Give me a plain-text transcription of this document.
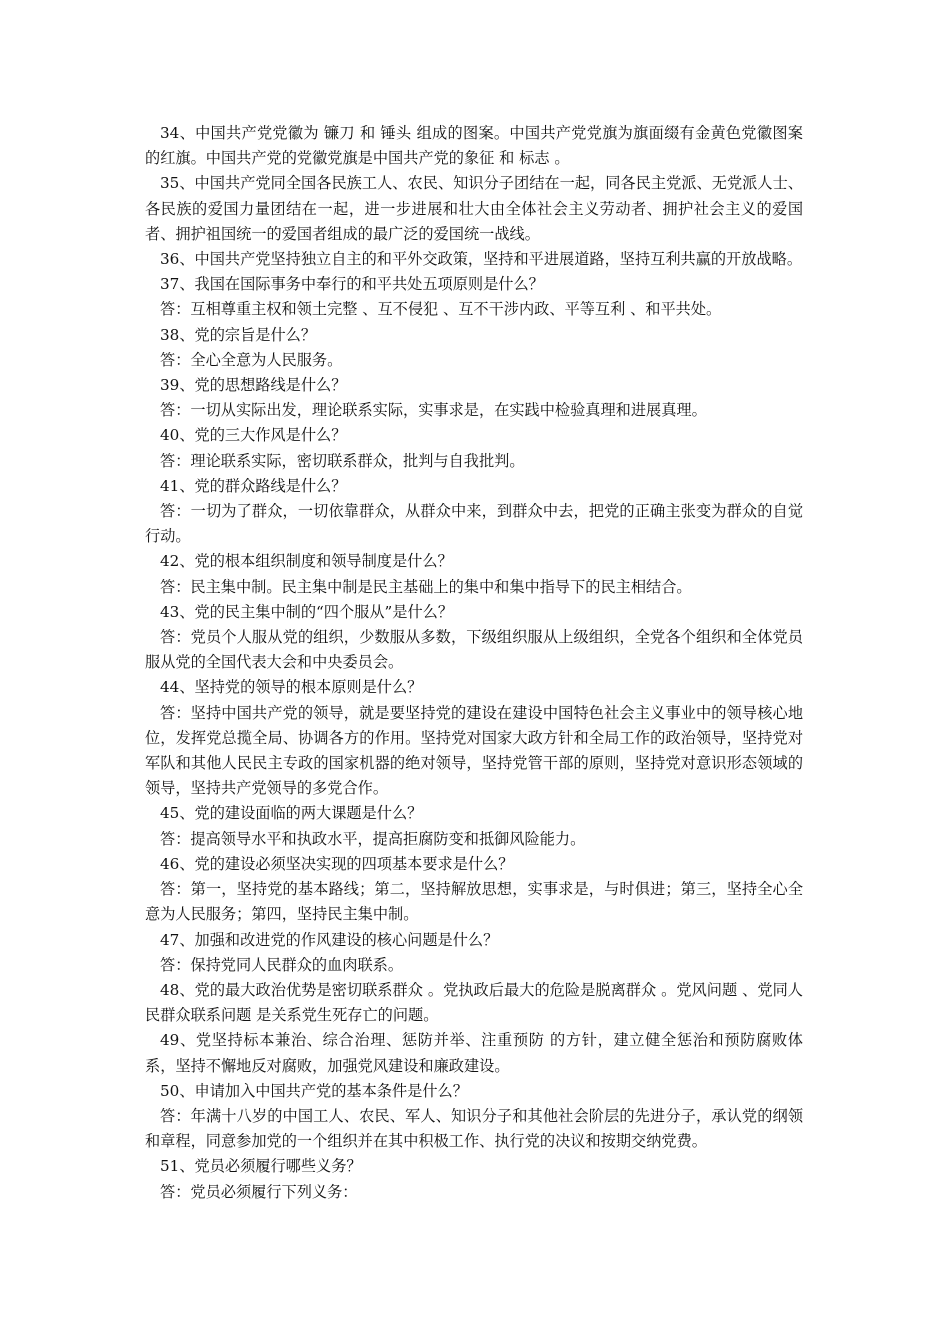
34、中国共产党党徽为 镰刀 和 锤头 组成的图案。中国共产党党旗为旗面缀有金黄色党徽图案 的红旗。中国共产党的党徽党旗是中国共产党的象征 和 标志 。

35、中国共产党同全国各民族工人、农民、知识分子团结在一起，同各民主党派、无党派人士、各民族的爱国力量团结在一起，进一步进展和壮大由全体社会主义劳动者、拥护社会主义的爱国者、拥护祖国统一的爱国者组成的最广泛的爱国统一战线。

36、中国共产党坚持独立自主的和平外交政策，坚持和平进展道路，坚持互利共赢的开放战略。

37、我国在国际事务中奉行的和平共处五项原则是什么？

答：互相尊重主权和领土完整 、互不侵犯 、互不干涉内政、平等互利 、和平共处。

38、党的宗旨是什么？

答：全心全意为人民服务。

39、党的思想路线是什么？

答：一切从实际出发，理论联系实际，实事求是，在实践中检验真理和进展真理。

40、党的三大作风是什么？

答：理论联系实际，密切联系群众，批判与自我批判。

41、党的群众路线是什么？

答：一切为了群众，一切依靠群众，从群众中来，到群众中去，把党的正确主张变为群众的自觉行动。

42、党的根本组织制度和领导制度是什么？

答：民主集中制。民主集中制是民主基础上的集中和集中指导下的民主相结合。

43、党的民主集中制的“四个服从”是什么？

答：党员个人服从党的组织，少数服从多数，下级组织服从上级组织，全党各个组织和全体党员服从党的全国代表大会和中央委员会。

44、坚持党的领导的根本原则是什么？

答：坚持中国共产党的领导，就是要坚持党的建设在建设中国特色社会主义事业中的领导核心地位，发挥党总揽全局、协调各方的作用。坚持党对国家大政方针和全局工作的政治领导，坚持党对军队和其他人民民主专政的国家机器的绝对领导，坚持党管干部的原则，坚持党对意识形态领域的领导，坚持共产党领导的多党合作。

45、党的建设面临的两大课题是什么？

答：提高领导水平和执政水平，提高拒腐防变和抵御风险能力。

46、党的建设必须坚决实现的四项基本要求是什么？

答：第一，坚持党的基本路线；第二，坚持解放思想，实事求是，与时俱进；第三，坚持全心全意为人民服务；第四，坚持民主集中制。

47、加强和改进党的作风建设的核心问题是什么？

答：保持党同人民群众的血肉联系。

48、党的最大政治优势是密切联系群众 。党执政后最大的危险是脱离群众 。党风问题 、党同人民群众联系问题 是关系党生死存亡的问题。

49、党坚持标本兼治、综合治理、惩防并举、注重预防 的方针，建立健全惩治和预防腐败体系，坚持不懈地反对腐败，加强党风建设和廉政建设。

50、申请加入中国共产党的基本条件是什么？

答：年满十八岁的中国工人、农民、军人、知识分子和其他社会阶层的先进分子，承认党的纲领和章程，同意参加党的一个组织并在其中积极工作、执行党的决议和按期交纳党费。

51、党员必须履行哪些义务？

答：党员必须履行下列义务：
